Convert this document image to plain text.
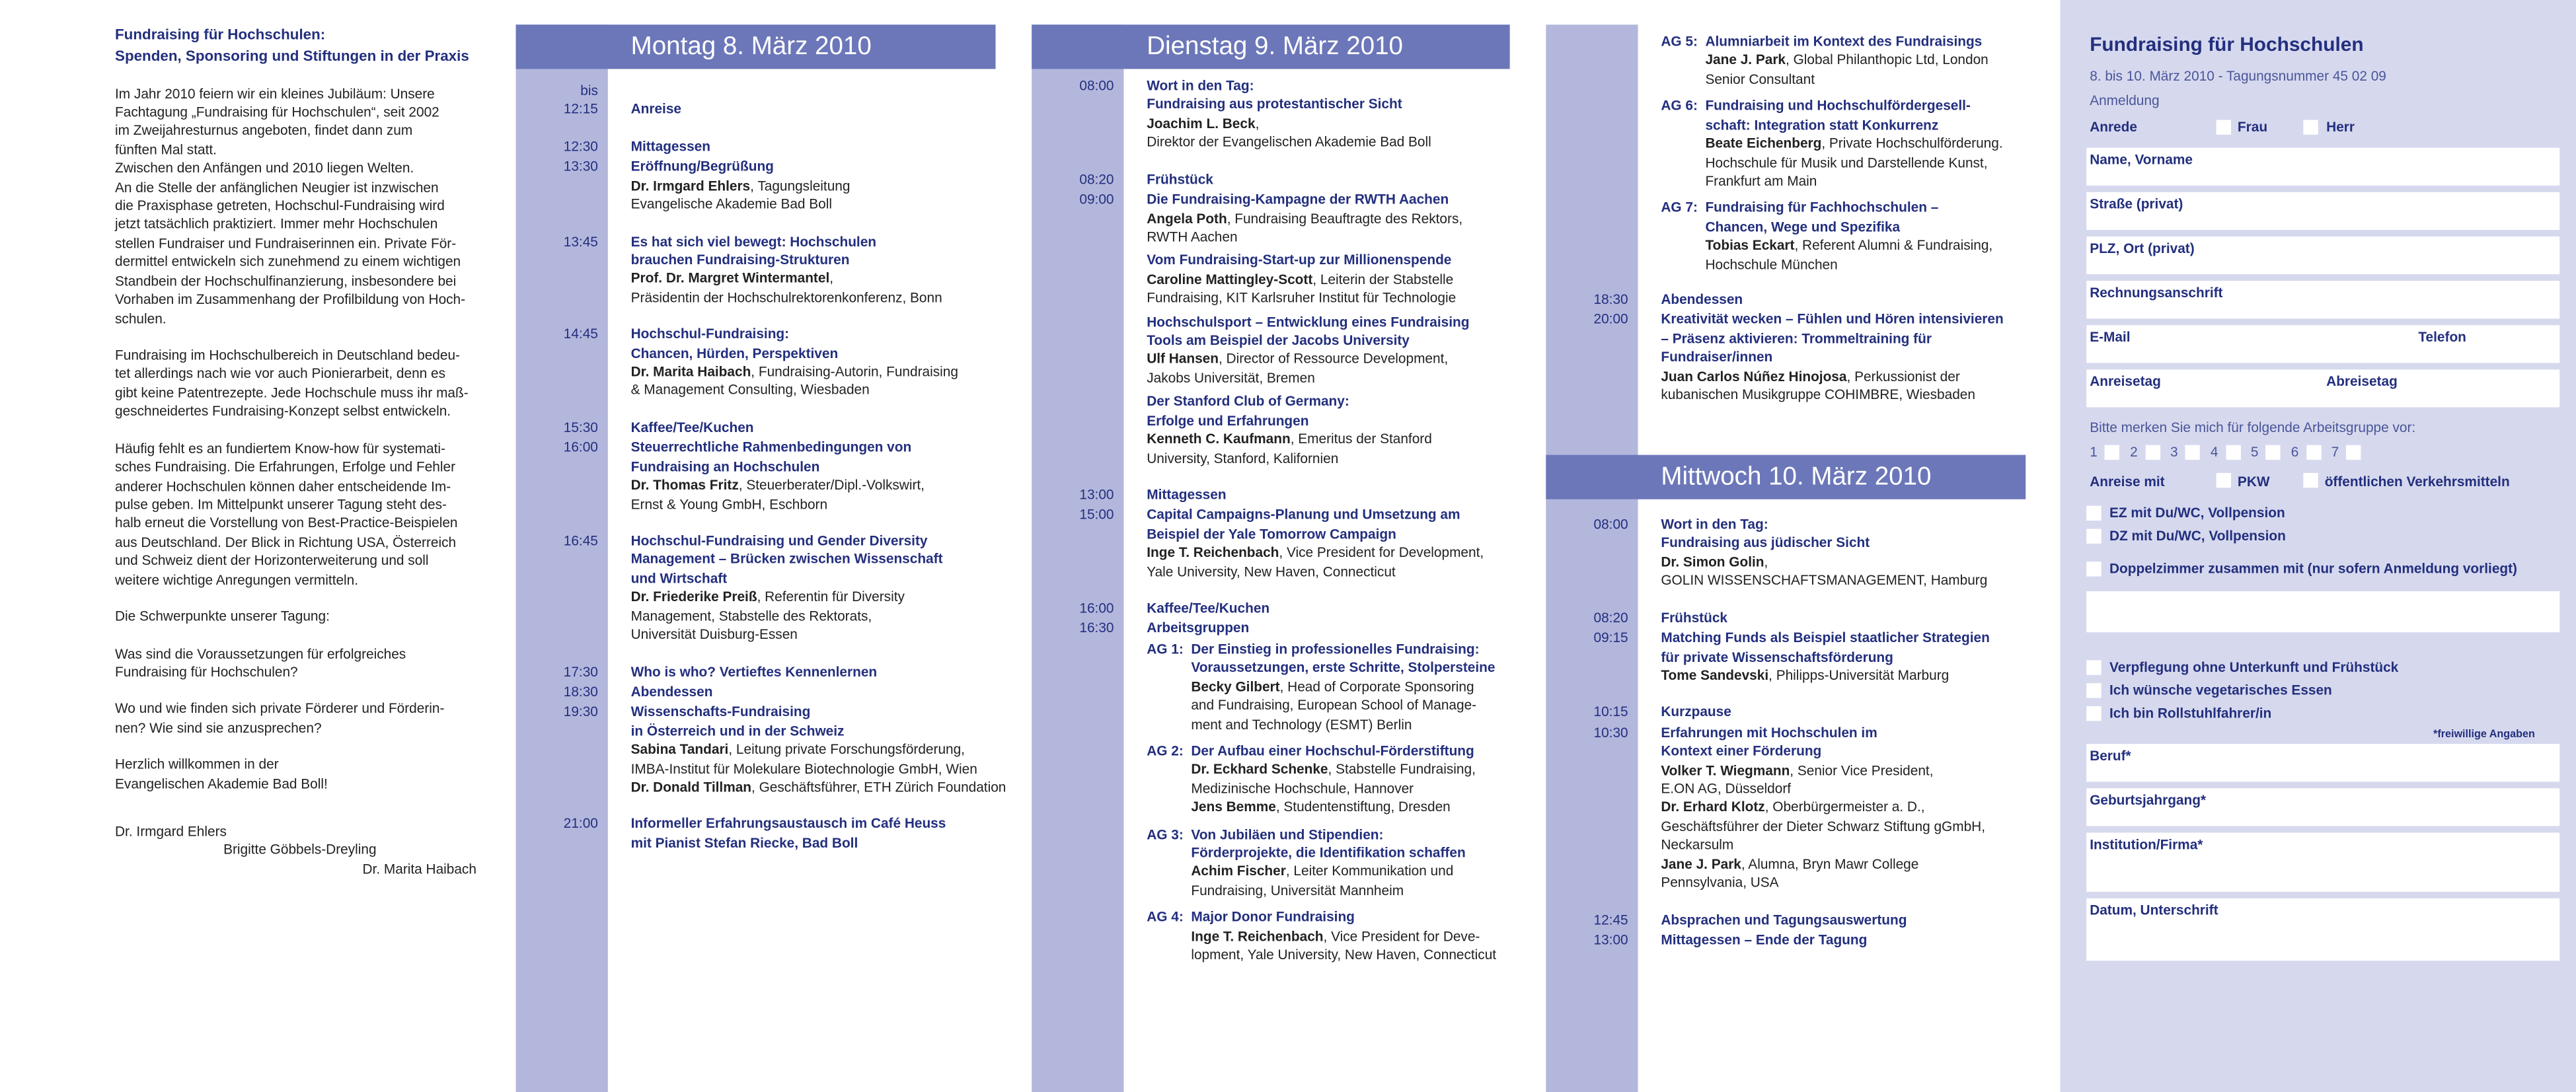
Fundraising für Hochschulen:
Spenden, Sponsoring und Stiftungen in der Praxis
Im Jahr 2010 feiern wir ein kleines Jubiläum: Unsere
Fachtagung „Fundraising für Hochschulen“, seit 2002
im Zweijahresturnus angeboten, findet dann zum
fünften Mal statt.
Zwischen den Anfängen und 2010 liegen Welten.
An die Stelle der anfänglichen Neugier ist inzwischen
die Praxisphase getreten, Hochschul-Fundraising wird
jetzt tatsächlich praktiziert. Immer mehr Hochschulen
stellen Fundraiser und Fundraiserinnen ein. Private För-
dermittel entwickeln sich zunehmend zu einem wichtigen
Standbein der Hochschulfinanzierung, insbesondere bei
Vorhaben im Zusammenhang der Profilbildung von Hoch-
schulen.
Fundraising im Hochschulbereich in Deutschland bedeu-
tet allerdings nach wie vor auch Pionierarbeit, denn es
gibt keine Patentrezepte. Jede Hochschule muss ihr maß-
geschneidertes Fundraising-Konzept selbst entwickeln.
Häufig fehlt es an fundiertem Know-how für systemati-
sches Fundraising. Die Erfahrungen, Erfolge und Fehler
anderer Hochschulen können daher entscheidende Im-
pulse geben. Im Mittelpunkt unserer Tagung steht des-
halb erneut die Vorstellung von Best-Practice-Beispielen
aus Deutschland. Der Blick in Richtung USA, Österreich
und Schweiz dient der Horizonterweiterung und soll
weitere wichtige Anregungen vermitteln.
Die Schwerpunkte unserer Tagung:
Was sind die Voraussetzungen für erfolgreiches
Fundraising für Hochschulen?
Wo und wie finden sich private Förderer und Förderin-
nen? Wie sind sie anzusprechen?
Herzlich willkommen in der
Evangelischen Akademie Bad Boll!
Dr. Irmgard Ehlers
Brigitte Göbbels-Dreyling
Dr. Marita Haibach
Montag 8. März 2010
bis
12:15	Anreise
12:30	Mittagessen
13:30	Eröffnung/Begrüßung
Dr. Irmgard Ehlers, Tagungsleitung
Evangelische Akademie Bad Boll
13:45	Es hat sich viel bewegt: Hochschulen
brauchen Fundraising-Strukturen
Prof. Dr. Margret Wintermantel,
Präsidentin der Hochschulrektorenkonferenz, Bonn
14:45	Hochschul-Fundraising:
Chancen, Hürden, Perspektiven
Dr. Marita Haibach, Fundraising-Autorin, Fundraising
& Management Consulting, Wiesbaden
15:30	Kaffee/Tee/Kuchen
16:00	Steuerrechtliche Rahmenbedingungen von
Fundraising an Hochschulen
Dr. Thomas Fritz, Steuerberater/Dipl.-Volkswirt,
Ernst & Young GmbH, Eschborn
16:45	Hochschul-Fundraising und Gender Diversity
Management – Brücken zwischen Wissenschaft
und Wirtschaft
Dr. Friederike Preiß, Referentin für Diversity
Management, Stabstelle des Rektorats,
Universität Duisburg-Essen
17:30	Who is who? Vertieftes Kennenlernen
18:30	Abendessen
19:30	Wissenschafts-Fundraising
in Österreich und in der Schweiz
Sabina Tandari, Leitung private Forschungsförderung,
IMBA-Institut für Molekulare Biotechnologie GmbH, Wien
Dr. Donald Tillman, Geschäftsführer, ETH Zürich Foundation
21:00	Informeller Erfahrungsaustausch im Café Heuss
mit Pianist Stefan Riecke, Bad Boll
Dienstag 9. März 2010
08:00	Wort in den Tag:
Fundraising aus protestantischer Sicht
Joachim L. Beck,
Direktor der Evangelischen Akademie Bad Boll
08:20	Frühstück
09:00	Die Fundraising-Kampagne der RWTH Aachen
Angela Poth, Fundraising Beauftragte des Rektors,
RWTH Aachen
Vom Fundraising-Start-up zur Millionenspende
Caroline Mattingley-Scott, Leiterin der Stabstelle
Fundraising, KIT Karlsruher Institut für Technologie
Hochschulsport – Entwicklung eines Fundraising
Tools am Beispiel der Jacobs University
Ulf Hansen, Director of Ressource Development,
Jakobs Universität, Bremen
Der Stanford Club of Germany:
Erfolge und Erfahrungen
Kenneth C. Kaufmann, Emeritus der Stanford
University, Stanford, Kalifornien
13:00	Mittagessen
15:00	Capital Campaigns-Planung und Umsetzung am
Beispiel der Yale Tomorrow Campaign
Inge T. Reichenbach, Vice President for Development,
Yale University, New Haven, Connecticut
16:00	Kaffee/Tee/Kuchen
16:30	Arbeitsgruppen
AG 1: Der Einstieg in professionelles Fundraising:
Voraussetzungen, erste Schritte, Stolpersteine
Becky Gilbert, Head of Corporate Sponsoring
and Fundraising, European School of Manage-
ment and Technology (ESMT) Berlin
AG 2: Der Aufbau einer Hochschul-Förderstiftung
Dr. Eckhard Schenke, Stabstelle Fundraising,
Medizinische Hochschule, Hannover
Jens Bemme, Studentenstiftung, Dresden
AG 3: Von Jubiläen und Stipendien:
Förderprojekte, die Identifikation schaffen
Achim Fischer, Leiter Kommunikation und
Fundraising, Universität Mannheim
AG 4: Major Donor Fundraising
Inge T. Reichenbach, Vice President for Deve-
lopment, Yale University, New Haven, Connecticut
AG 5: Alumniarbeit im Kontext des Fundraisings
Jane J. Park, Global Philanthopic Ltd, London
Senior Consultant
AG 6: Fundraising und Hochschulfördergesell-
schaft: Integration statt Konkurrenz
Beate Eichenberg, Private Hochschulförderung.
Hochschule für Musik und Darstellende Kunst,
Frankfurt am Main
AG 7: Fundraising für Fachhochschulen –
Chancen, Wege und Spezifika
Tobias Eckart, Referent Alumni & Fundraising,
Hochschule München
18:30	Abendessen
20:00	Kreativität wecken – Fühlen und Hören intensivieren
– Präsenz aktivieren: Trommeltraining für
Fundraiser/innen
Juan Carlos Núñez Hinojosa, Perkussionist der
kubanischen Musikgruppe COHIMBRE, Wiesbaden
Mittwoch 10. März 2010
08:00	Wort in den Tag:
Fundraising aus jüdischer Sicht
Dr. Simon Golin,
GOLIN WISSENSCHAFTSMANAGEMENT, Hamburg
08:20	Frühstück
09:15	Matching Funds als Beispiel staatlicher Strategien
für private Wissenschaftsförderung
Tome Sandevski, Philipps-Universität Marburg
10:15	Kurzpause
10:30	Erfahrungen mit Hochschulen im
Kontext einer Förderung
Volker T. Wiegmann, Senior Vice President,
E.ON AG, Düsseldorf
Dr. Erhard Klotz, Oberbürgermeister a. D.,
Geschäftsführer der Dieter Schwarz Stiftung gGmbH,
Neckarsulm
Jane J. Park, Alumna, Bryn Mawr College
Pennsylvania, USA
12:45	Absprachen und Tagungsauswertung
13:00	Mittagessen – Ende der Tagung
Fundraising für Hochschulen
8. bis 10. März 2010 - Tagungsnummer 45 02 09
Anmeldung
Anrede	Frau	Herr
Name, Vorname
Straße (privat)
PLZ, Ort (privat)
Rechnungsanschrift
E-Mail	Telefon
Anreisetag	Abreisetag
Bitte merken Sie mich für folgende Arbeitsgruppe vor:
1	2	3	4	5	6	7
Anreise mit	PKW	öffentlichen Verkehrsmitteln
EZ mit Du/WC, Vollpension
DZ mit Du/WC, Vollpension
Doppelzimmer zusammen mit (nur sofern Anmeldung vorliegt)
Verpflegung ohne Unterkunft und Frühstück
Ich wünsche vegetarisches Essen
Ich bin Rollstuhlfahrer/in
*freiwillige Angaben
Beruf*
Geburtsjahrgang*
Institution/Firma*
Datum, Unterschrift
